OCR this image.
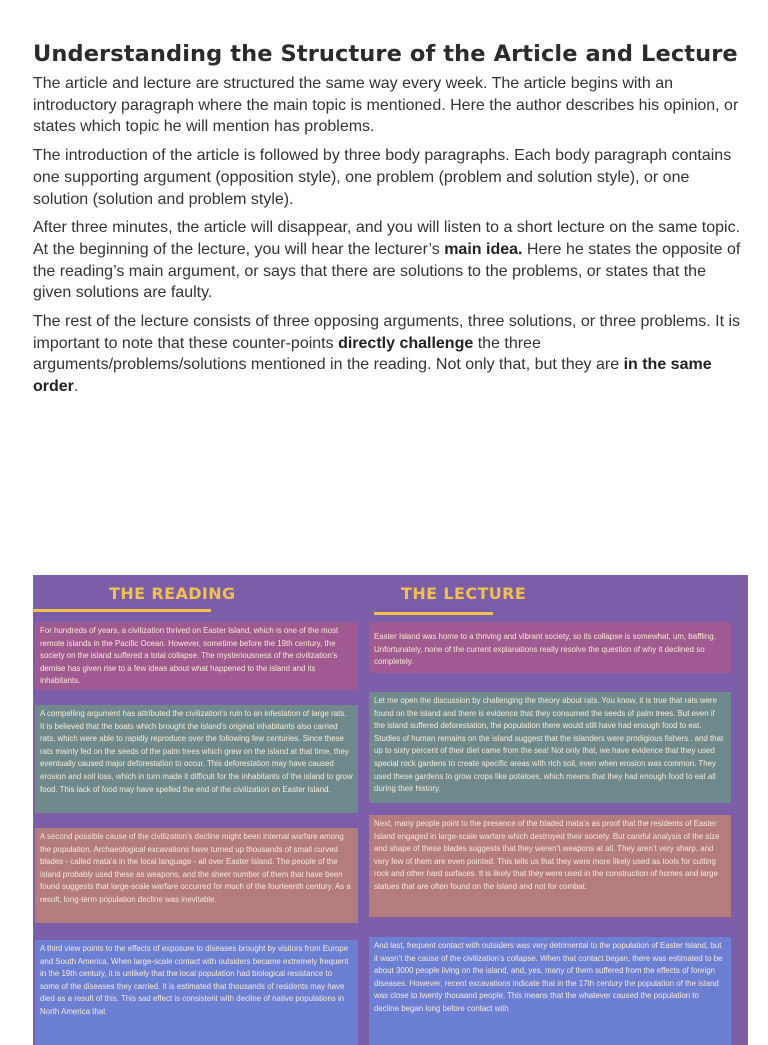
Understanding the Structure of the Article and Lecture

The article and lecture are structured the same way every week. The article begins with an introductory paragraph where the main topic is mentioned. Here the author describes his opinion, or states which topic he will mention has problems.

The introduction of the article is followed by three body paragraphs. Each body paragraph contains one supporting argument (opposition style), one problem (problem and solution style), or one solution (solution and problem style).

After three minutes, the article will disappear, and you will listen to a short lecture on the same topic. At the beginning of the lecture, you will hear the lecturer’s main idea. Here he states the opposite of the reading’s main argument, or says that there are solutions to the problems, or states that the given solutions are faulty.

The rest of the lecture consists of three opposing arguments, three solutions, or three problems. It is important to note that these counter-points directly challenge the three arguments/problems/solutions mentioned in the reading. Not only that, but they are in the same order.

THE READING	THE LECTURE
For hundreds of years, a civilization thrived on Easter Island, which is one of the most remote islands in the Pacific Ocean. However, sometime before the 19th century, the society on the island suffered a total collapse. The mysteriousness of the civilization’s demise has given rise to a few ideas about what happened to the island and its inhabitants.
A compelling argument has attributed the civilization’s ruin to an infestation of large rats. It is believed that the boats which brought the island’s original inhabitants also carried rats, which were able to rapidly reproduce over the following few centuries. Since these rats mainly fed on the seeds of the palm trees which grew on the island at that time, they eventually caused major deforestation to occur. This deforestation may have caused erosion and soil loss, which in turn made it difficult for the inhabitants of the island to grow food. This lack of food may have spelled the end of the civilization on Easter Island.
A second possible cause of the civilization’s decline might been internal warfare among the population. Archaeological excavations have turned up thousands of small curved blades - called mata’a in the local language - all over Easter Island. The people of the island probably used these as weapons, and the sheer number of them that have been found suggests that large-scale warfare occurred for much of the fourteenth century. As a result, long-term population decline was inevitable.
A third view points to the effects of exposure to diseases brought by visitors from Europe and South America. When large-scale contact with outsiders became extremely frequent in the 19th century, it is unlikely that the local population had biological resistance to some of the diseases they carried. It is estimated that thousands of residents may have died as a result of this. This sad effect is consistent with decline of native populations in North America that
Easter Island was home to a thriving and vibrant society, so its collapse is somewhat, um, baffling. Unfortunately, none of the current explanations really resolve the question of why it declined so completely.
Let me open the discussion by challenging the theory about rats. You know, it is true that rats were found on the island and there is evidence that they consumed the seeds of palm trees. But even if the island suffered deforestation, the population there would still have had enough food to eat. Studies of human remains on the island suggest that the islanders were prodigious fishers.. and that up to sixty percent of their diet came from the sea! Not only that, we have evidence that they used special rock gardens to create specific areas with rich soil, even when erosion was common. They used these gardens to grow crops like potatoes, which means that they had enough food to eat all during their history.
Next, many people point to the presence of the bladed mata’a as proof that the residents of Easter Island engaged in large-scale warfare which destroyed their society. But careful analysis of the size and shape of these blades suggests that they weren’t weapons at all. They aren’t very sharp, and very few of them are even pointed. This tells us that they were more likely used as tools for cutting rock and other hard surfaces. It is likely that they were used in the construction of homes and large statues that are often found on the island and not for combat.
And last, frequent contact with outsiders was very detrimental to the population of Easter Island, but it wasn’t the cause of the civilization’s collapse. When that contact began, there was estimated to be about 3000 people living on the island, and, yes, many of them suffered from the effects of foreign diseases. However, recent excavations indicate that in the 17th century the population of the island was close to twenty thousand people. This means that the whatever caused the population to decline began long before contact with
